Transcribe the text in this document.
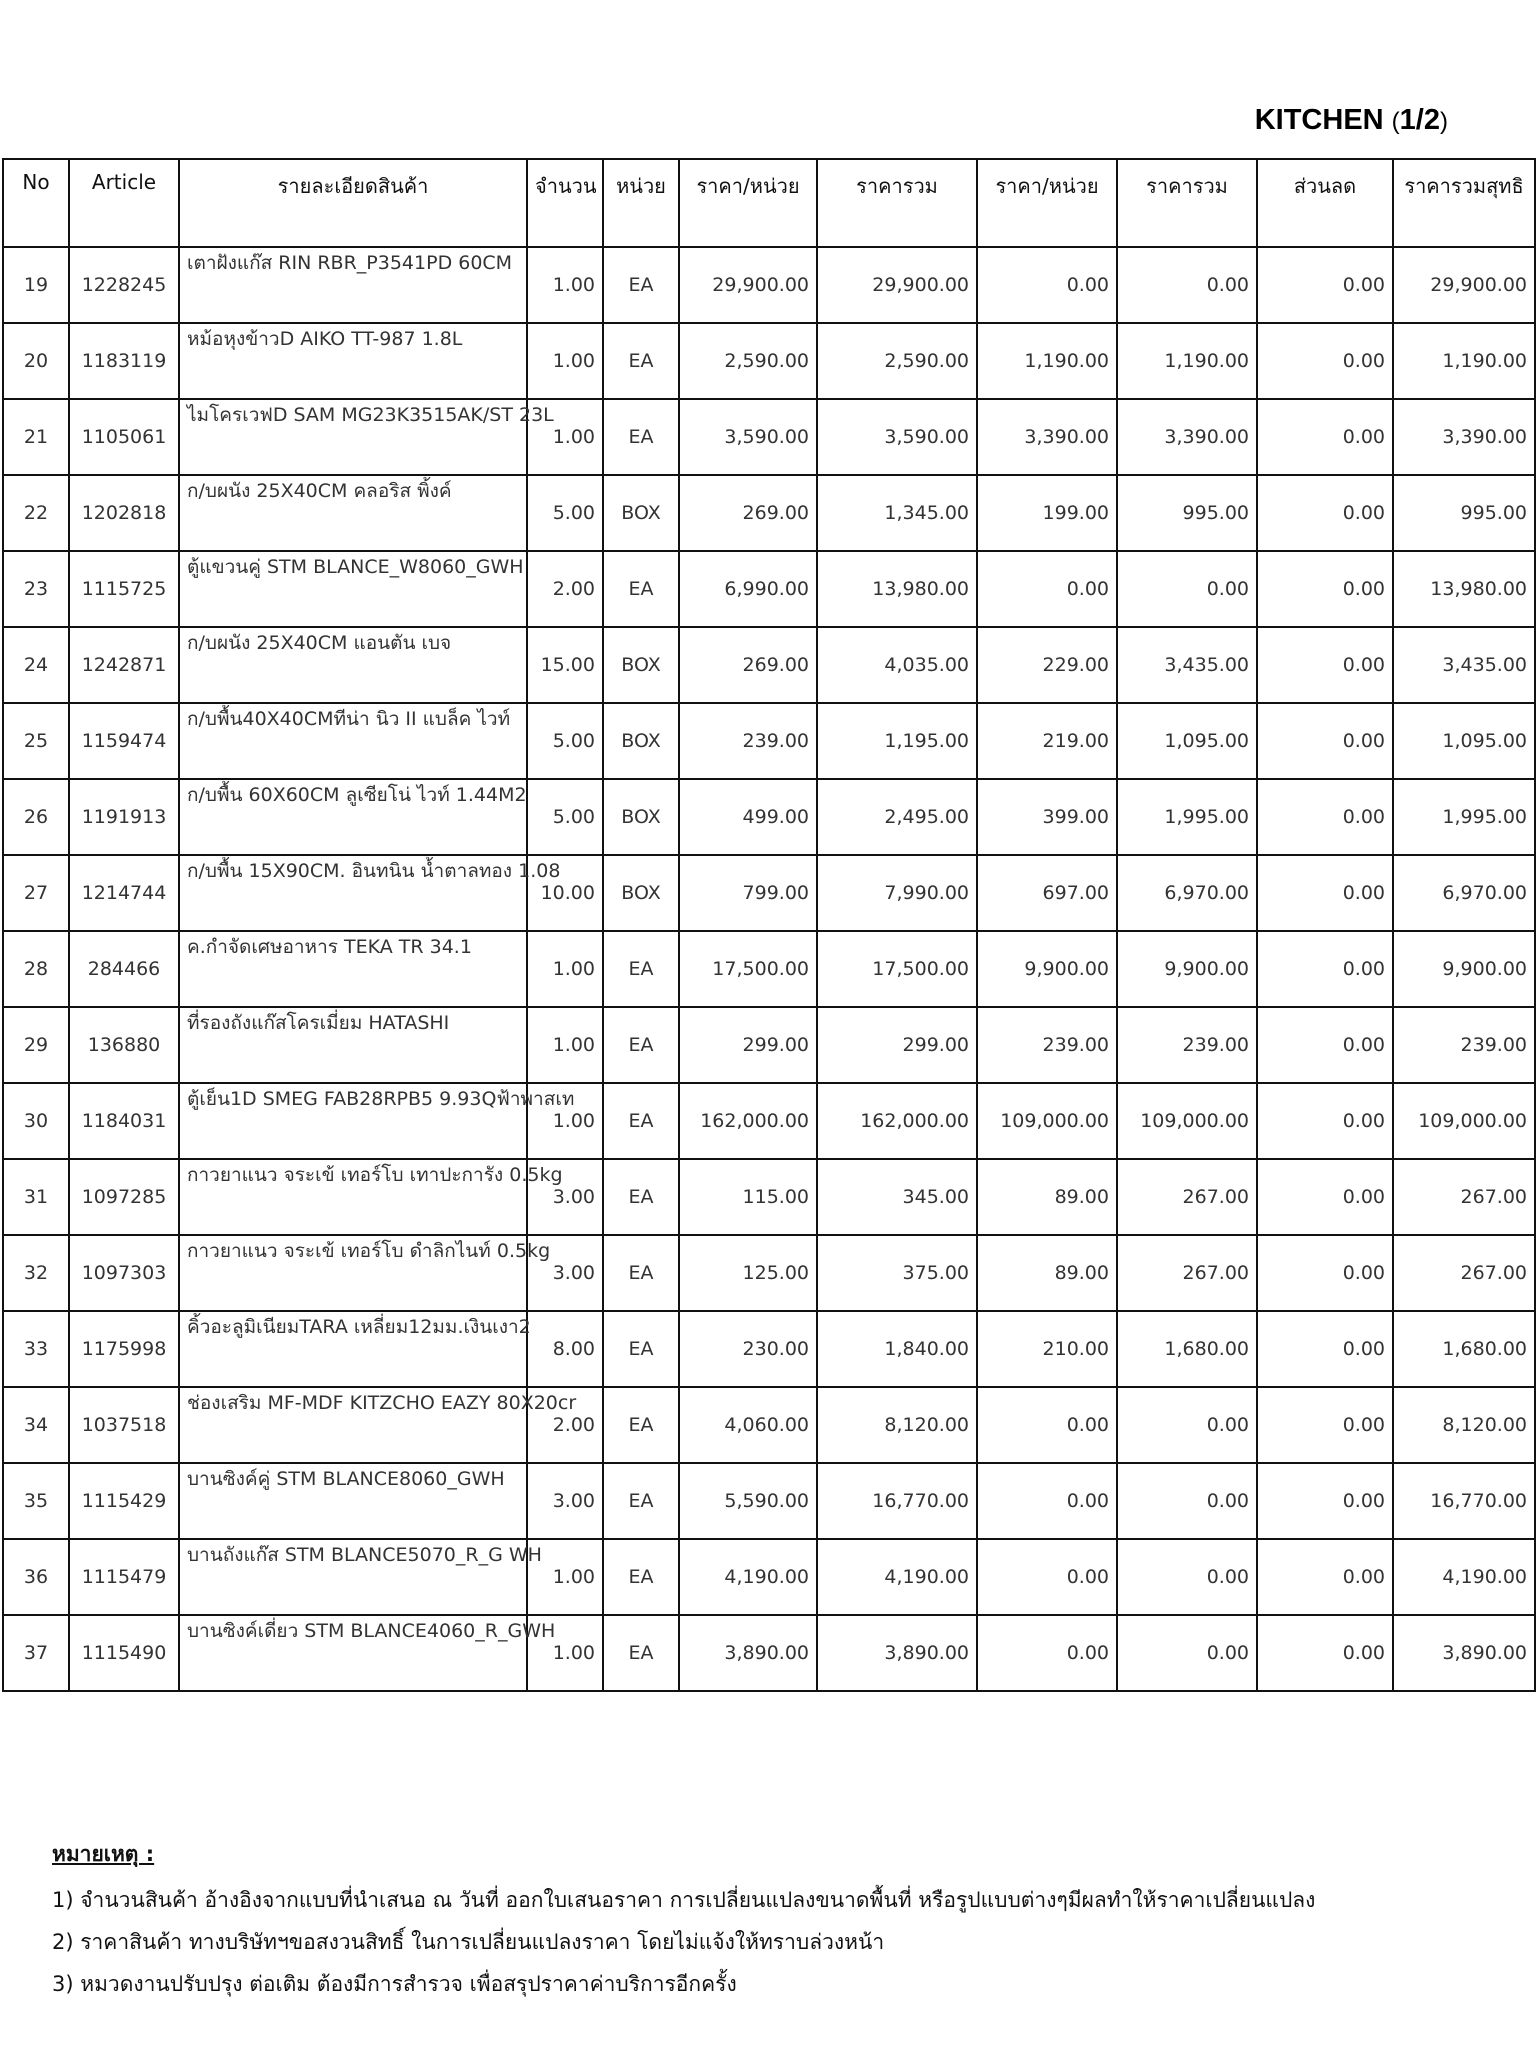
KITCHEN (1/2)
No	Article	รายละเอียดสินค้า	จำนวน	หน่วย	ราคา/หน่วย	ราคารวม	ราคา/หน่วย	ราคารวม	ส่วนลด	ราคารวมสุทธิ
19	1228245	เตาฝังแก๊ส RIN RBR_P3541PD 60CM	1.00	EA	29,900.00	29,900.00	0.00	0.00	0.00	29,900.00
20	1183119	หม้อหุงข้าวD AIKO TT-987 1.8L	1.00	EA	2,590.00	2,590.00	1,190.00	1,190.00	0.00	1,190.00
21	1105061	ไมโครเวฟD SAM MG23K3515AK/ST 23L	1.00	EA	3,590.00	3,590.00	3,390.00	3,390.00	0.00	3,390.00
22	1202818	ก/บผนัง 25X40CM คลอริส พิ้งค์	5.00	BOX	269.00	1,345.00	199.00	995.00	0.00	995.00
23	1115725	ตู้แขวนคู่ STM BLANCE_W8060_GWH	2.00	EA	6,990.00	13,980.00	0.00	0.00	0.00	13,980.00
24	1242871	ก/บผนัง 25X40CM แอนตัน เบจ	15.00	BOX	269.00	4,035.00	229.00	3,435.00	0.00	3,435.00
25	1159474	ก/บพื้น40X40CMทีน่า นิว II แบล็ค ไวท์	5.00	BOX	239.00	1,195.00	219.00	1,095.00	0.00	1,095.00
26	1191913	ก/บพื้น 60X60CM ลูเซียโน่ ไวท์ 1.44M2	5.00	BOX	499.00	2,495.00	399.00	1,995.00	0.00	1,995.00
27	1214744	ก/บพื้น 15X90CM. อินทนิน น้ำตาลทอง 1.08	10.00	BOX	799.00	7,990.00	697.00	6,970.00	0.00	6,970.00
28	284466	ค.กำจัดเศษอาหาร TEKA TR 34.1	1.00	EA	17,500.00	17,500.00	9,900.00	9,900.00	0.00	9,900.00
29	136880	ที่รองถังแก๊สโครเมี่ยม HATASHI	1.00	EA	299.00	299.00	239.00	239.00	0.00	239.00
30	1184031	ตู้เย็น1D SMEG FAB28RPB5 9.93Qฟ้าพาสเท	1.00	EA	162,000.00	162,000.00	109,000.00	109,000.00	0.00	109,000.00
31	1097285	กาวยาแนว จระเข้ เทอร์โบ เทาปะการัง 0.5kg	3.00	EA	115.00	345.00	89.00	267.00	0.00	267.00
32	1097303	กาวยาแนว จระเข้ เทอร์โบ ดำลิกไนท์ 0.5kg	3.00	EA	125.00	375.00	89.00	267.00	0.00	267.00
33	1175998	คิ้วอะลูมิเนียมTARA เหลี่ยม12มม.เงินเงา2	8.00	EA	230.00	1,840.00	210.00	1,680.00	0.00	1,680.00
34	1037518	ช่องเสริม MF-MDF KITZCHO EAZY 80X20cr	2.00	EA	4,060.00	8,120.00	0.00	0.00	0.00	8,120.00
35	1115429	บานซิงค์คู่ STM BLANCE8060_GWH	3.00	EA	5,590.00	16,770.00	0.00	0.00	0.00	16,770.00
36	1115479	บานถังแก๊ส STM BLANCE5070_R_G WH	1.00	EA	4,190.00	4,190.00	0.00	0.00	0.00	4,190.00
37	1115490	บานซิงค์เดี่ยว STM BLANCE4060_R_GWH	1.00	EA	3,890.00	3,890.00	0.00	0.00	0.00	3,890.00
หมายเหตุ :
1) จำนวนสินค้า อ้างอิงจากแบบที่นำเสนอ ณ วันที่ ออกใบเสนอราคา การเปลี่ยนแปลงขนาดพื้นที่ หรือรูปแบบต่างๆมีผลทำให้ราคาเปลี่ยนแปลง
2) ราคาสินค้า ทางบริษัทฯขอสงวนสิทธิ์ ในการเปลี่ยนแปลงราคา โดยไม่แจ้งให้ทราบล่วงหน้า
3) หมวดงานปรับปรุง ต่อเติม ต้องมีการสำรวจ เพื่อสรุปราคาค่าบริการอีกครั้ง
